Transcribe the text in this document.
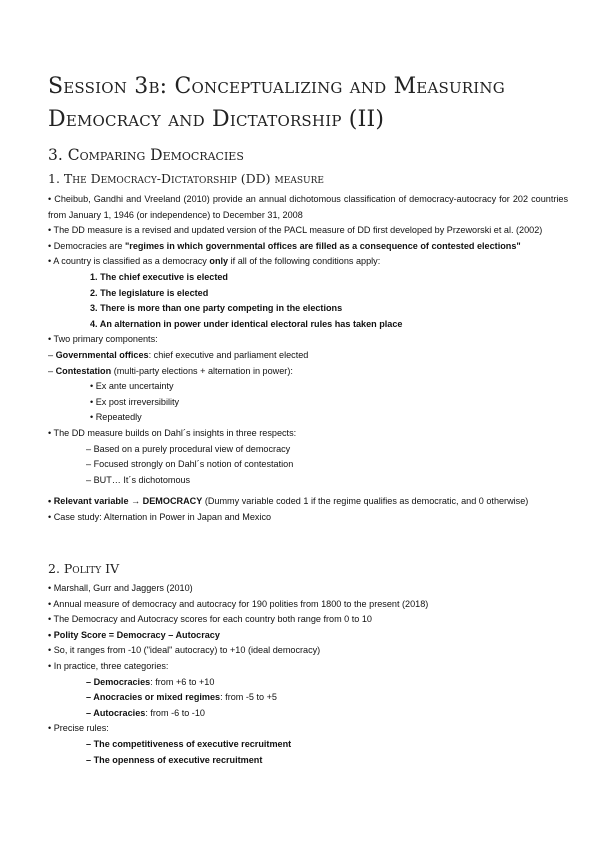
Session 3b: Conceptualizing and Measuring Democracy and Dictatorship (II)
3. Comparing Democracies
1. The Democracy-Dictatorship (DD) measure

• Cheibub, Gandhi and Vreeland (2010) provide an annual dichotomous classification of democracy-autocracy for 202 countries from January 1, 1946 (or independence) to December 31, 2008

• The DD measure is a revised and updated version of the PACL measure of DD first developed by Przeworski et al. (2002)

• Democracies are "regimes in which governmental offices are filled as a consequence of contested elections"

• A country is classified as a democracy only if all of the following conditions apply:

1. The chief executive is elected

2. The legislature is elected

3. There is more than one party competing in the elections

4. An alternation in power under identical electoral rules has taken place

• Two primary components:

– Governmental offices: chief executive and parliament elected

– Contestation (multi-party elections + alternation in power):

• Ex ante uncertainty

• Ex post irreversibility

• Repeatedly

• The DD measure builds on Dahl´s insights in three respects:

– Based on a purely procedural view of democracy

– Focused strongly on Dahl´s notion of contestation

– BUT… It´s dichotomous

• Relevant variable → DEMOCRACY (Dummy variable coded 1 if the regime qualifies as democratic, and 0 otherwise)

• Case study: Alternation in Power in Japan and Mexico

2. Polity IV

• Marshall, Gurr and Jaggers (2010)

• Annual measure of democracy and autocracy for 190 polities from 1800 to the present (2018)

• The Democracy and Autocracy scores for each country both range from 0 to 10

• Polity Score = Democracy – Autocracy

• So, it ranges from -10 ("ideal" autocracy) to +10 (ideal democracy)

• In practice, three categories:

– Democracies: from +6 to +10

– Anocracies or mixed regimes: from -5 to +5

– Autocracies: from -6 to -10

• Precise rules:

– The competitiveness of executive recruitment

– The openness of executive recruitment
